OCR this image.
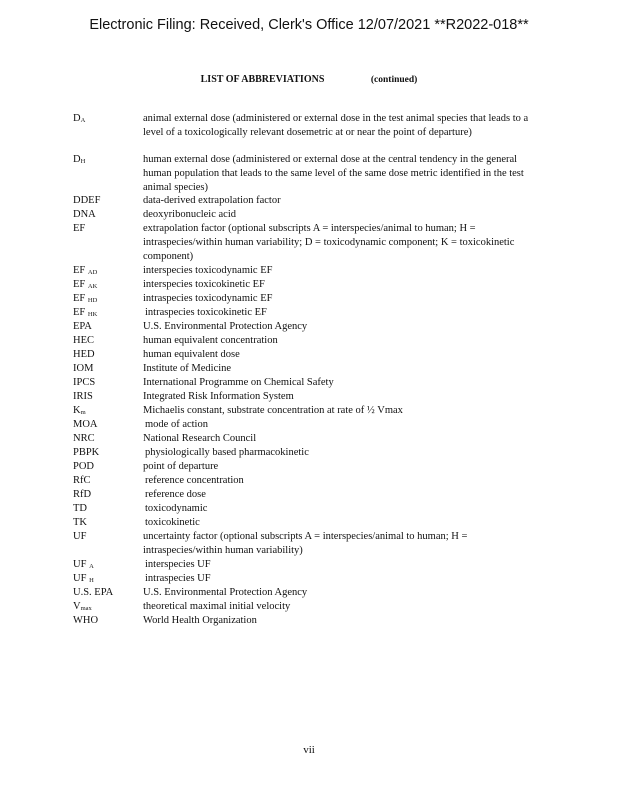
Electronic Filing: Received, Clerk's Office 12/07/2021 **R2022-018**
LIST OF ABBREVIATIONS	(continued)
$D_A$	animal external dose (administered or external dose in the test animal species that leads to a level of a toxicologically relevant dosemetric at or near the point of departure)
$D_H$	human external dose (administered or external dose at the central tendency in the general human population that leads to the same level of the same dose metric identified in the test animal species)
DDEF	data-derived extrapolation factor
DNA	deoxyribonucleic acid
EF	extrapolation factor (optional subscripts A = interspecies/animal to human; H = intraspecies/within human variability; D = toxicodynamic component; K = toxicokinetic component)
EF $_{AD}$	interspecies toxicodynamic EF
EF $_{AK}$	interspecies toxicokinetic EF
EF $_{HD}$	intraspecies toxicodynamic EF
EF $_{HK}$	intraspecies toxicokinetic EF
EPA	U.S. Environmental Protection Agency
HEC	human equivalent concentration
HED	human equivalent dose
IOM	Institute of Medicine
IPCS	International Programme on Chemical Safety
IRIS	Integrated Risk Information System
$K_m$	Michaelis constant, substrate concentration at rate of ½ Vmax
MOA	mode of action
NRC	National Research Council
PBPK	physiologically based pharmacokinetic
POD	point of departure
RfC	reference concentration
RfD	reference dose
TD	toxicodynamic
TK	toxicokinetic
UF	uncertainty factor (optional subscripts A = interspecies/animal to human; H = intraspecies/within human variability)
UF $_A$	interspecies UF
UF $_H$	intraspecies UF
U.S. EPA	U.S. Environmental Protection Agency
$V_{max}$	theoretical maximal initial velocity
WHO	World Health Organization
vii
